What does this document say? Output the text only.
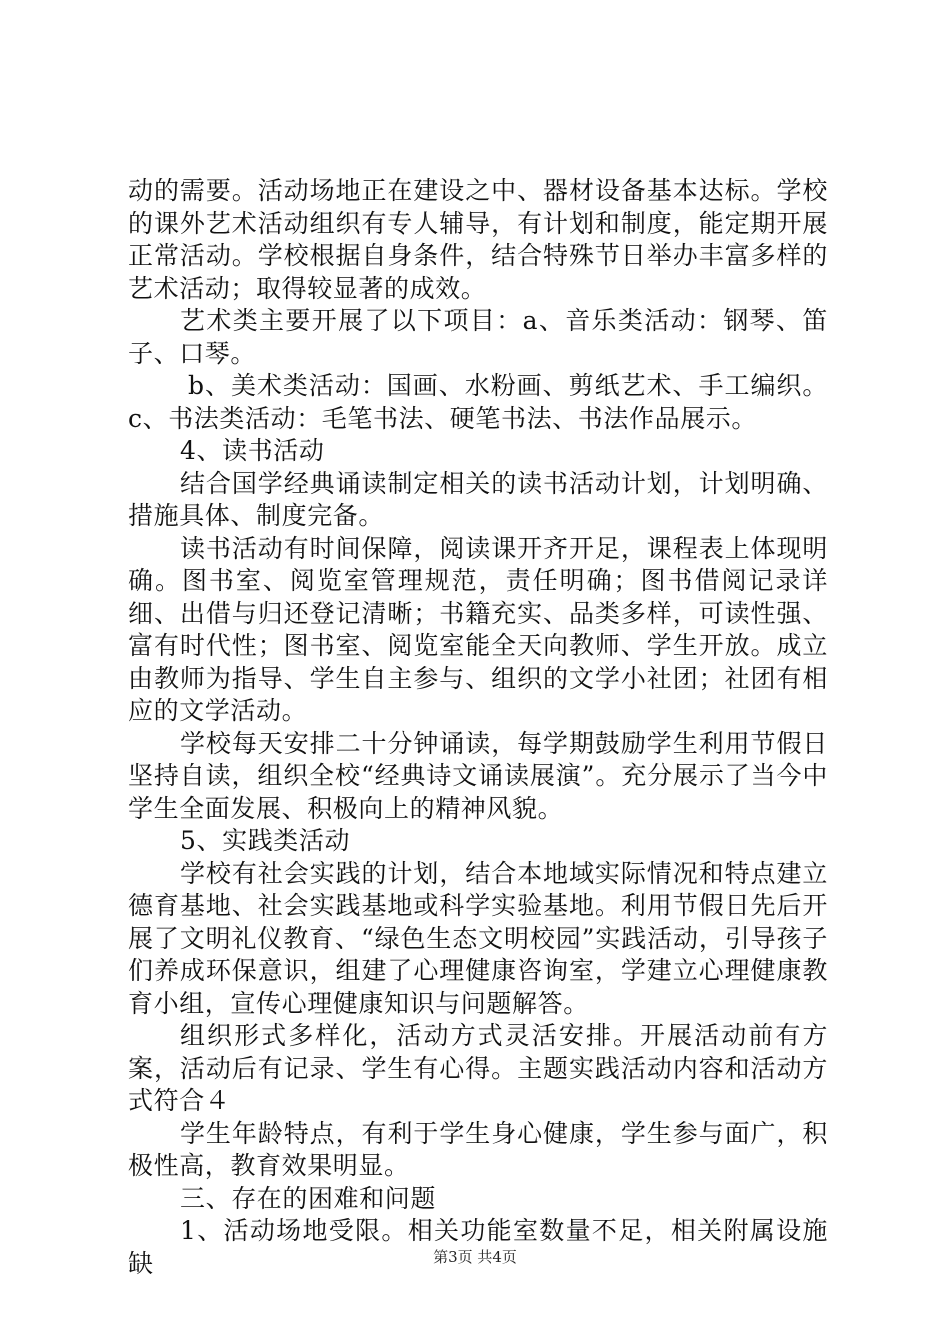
动的需要。活动场地正在建设之中、器材设备基本达标。学校的课外艺术活动组织有专人辅导，有计划和制度，能定期开展正常活动。学校根据自身条件，结合特殊节日举办丰富多样的艺术活动；取得较显著的成效。

艺术类主要开展了以下项目：a、音乐类活动：钢琴、笛子、口琴。

b、美术类活动：国画、水粉画、剪纸艺术、手工编织。c、书法类活动：毛笔书法、硬笔书法、书法作品展示。

4、读书活动

结合国学经典诵读制定相关的读书活动计划，计划明确、措施具体、制度完备。

读书活动有时间保障，阅读课开齐开足，课程表上体现明确。图书室、阅览室管理规范，责任明确；图书借阅记录详细、出借与归还登记清晰；书籍充实、品类多样，可读性强、富有时代性；图书室、阅览室能全天向教师、学生开放。成立由教师为指导、学生自主参与、组织的文学小社团；社团有相应的文学活动。

学校每天安排二十分钟诵读，每学期鼓励学生利用节假日坚持自读，组织全校“经典诗文诵读展演”。充分展示了当今中学生全面发展、积极向上的精神风貌。

5、实践类活动

学校有社会实践的计划，结合本地域实际情况和特点建立德育基地、社会实践基地或科学实验基地。利用节假日先后开展了文明礼仪教育、“绿色生态文明校园”实践活动，引导孩子们养成环保意识，组建了心理健康咨询室，学建立心理健康教育小组，宣传心理健康知识与问题解答。

组织形式多样化，活动方式灵活安排。开展活动前有方案，活动后有记录、学生有心得。主题实践活动内容和活动方式符合４

学生年龄特点，有利于学生身心健康，学生参与面广，积极性高，教育效果明显。

三、存在的困难和问题

1、活动场地受限。相关功能室数量不足，相关附属设施缺	第3页 共4页
